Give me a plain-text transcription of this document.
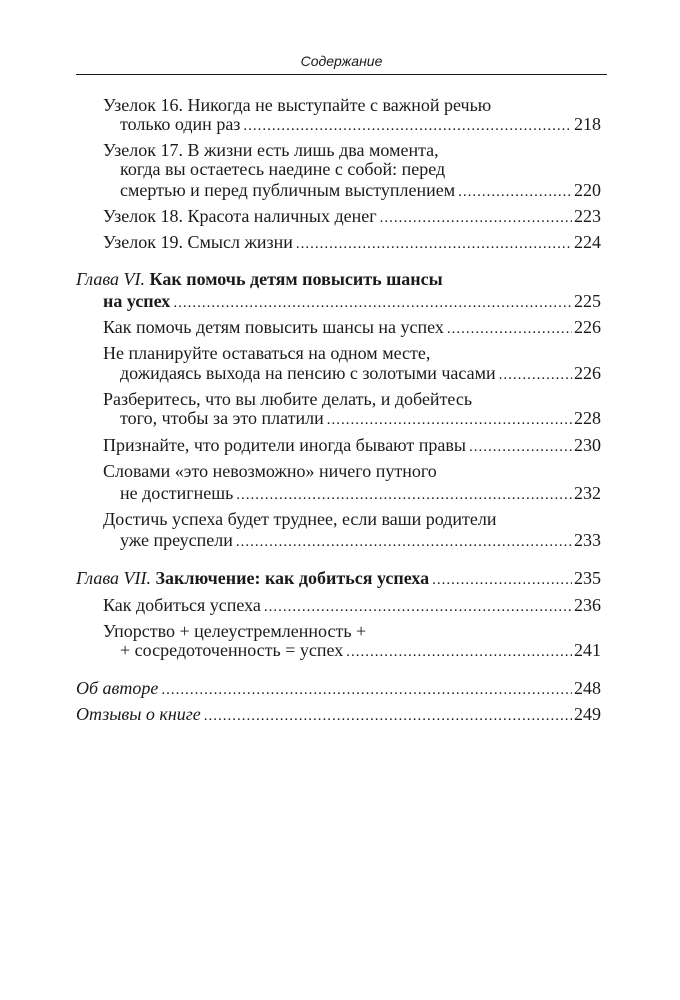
Содержание
Узелок 16. Никогда не выступайте с важной речью
только один раз .....	218
Узелок 17. В жизни есть лишь два момента,
когда вы остаетесь наедине с собой: перед
смертью и перед публичным выступлением .....	220
Узелок 18. Красота наличных денег .....	223
Узелок 19. Смысл жизни .....	224
Глава VI. Как помочь детям повысить шансы
на успех .....	225
Как помочь детям повысить шансы на успех .....	226
Не планируйте оставаться на одном месте,
дожидаясь выхода на пенсию с золотыми часами .....	226
Разберитесь, что вы любите делать, и добейтесь
того, чтобы за это платили .....	228
Признайте, что родители иногда бывают правы .....	230
Словами «это невозможно» ничего путного
не достигнешь .....	232
Достичь успеха будет труднее, если ваши родители
уже преуспели .....	233
Глава VII. Заключение: как добиться успеха .....	235
Как добиться успеха .....	236
Упорство + целеустремленность +
+ сосредоточенность = успех .....	241
Об авторе .....	248
Отзывы о книге .....	249
